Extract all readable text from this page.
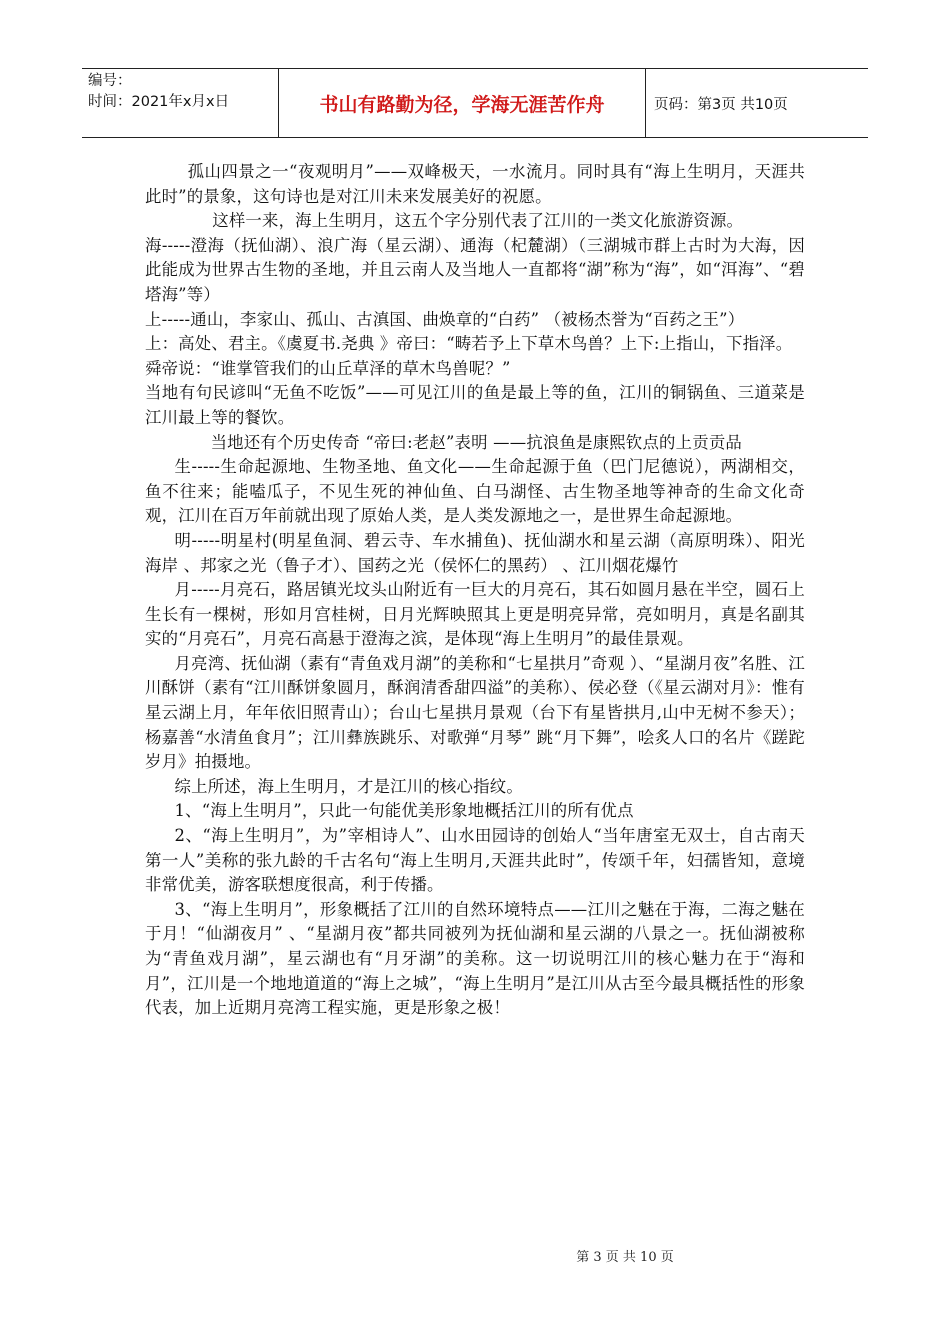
编号：
时间：2021年x月x日	书山有路勤为径，学海无涯苦作舟	页码：第3页 共10页

孤山四景之一“夜观明月”——双峰极天，一水流月。同时具有“海上生明月，天涯共此时”的景象，这句诗也是对江川未来发展美好的祝愿。

这样一来，海上生明月，这五个字分别代表了江川的一类文化旅游资源。

海-----澄海（抚仙湖）、浪广海（星云湖）、通海（杞麓湖）（三湖城市群上古时为大海，因此能成为世界古生物的圣地，并且云南人及当地人一直都将“湖”称为“海”，如“洱海”、“碧塔海”等）

上-----通山，李家山、孤山、古滇国、曲焕章的“白药” （被杨杰誉为“百药之王”）

上：高处、君主。《虞夏书.尧典 》帝曰：“畴若予上下草木鸟兽？上下:上指山，下指泽。

舜帝说：“谁掌管我们的山丘草泽的草木鸟兽呢？”

当地有句民谚叫“无鱼不吃饭”——可见江川的鱼是最上等的鱼，江川的铜锅鱼、三道菜是江川最上等的餐饮。

当地还有个历史传奇 “帝曰:老赵”表明 ——抗浪鱼是康熙钦点的上贡贡品

生-----生命起源地、生物圣地、鱼文化——生命起源于鱼（巴门尼德说），两湖相交，鱼不往来；能嗑瓜子，不见生死的神仙鱼、白马湖怪、古生物圣地等神奇的生命文化奇观，江川在百万年前就出现了原始人类，是人类发源地之一，是世界生命起源地。

明-----明星村(明星鱼洞、碧云寺、车水捕鱼)、抚仙湖水和星云湖（高原明珠）、阳光海岸 、邦家之光（鲁子才）、国药之光（侯怀仁的黑药） 、江川烟花爆竹

月-----月亮石，路居镇光坟头山附近有一巨大的月亮石，其石如圆月悬在半空，圆石上生长有一棵树，形如月宫桂树，日月光辉映照其上更是明亮异常，亮如明月，真是名副其实的“月亮石”，月亮石高悬于澄海之滨，是体现“海上生明月”的最佳景观。

月亮湾、抚仙湖（素有“青鱼戏月湖”的美称和“七星拱月”奇观 ）、“星湖月夜”名胜、江川酥饼（素有“江川酥饼象圆月，酥润清香甜四溢”的美称）、侯必登（《星云湖对月》：惟有星云湖上月，年年依旧照青山）；台山七星拱月景观（台下有星皆拱月,山中无树不参天）；杨嘉善“水清鱼食月”；江川彝族跳乐、对歌弹“月琴” 跳“月下舞”，哙炙人口的名片《蹉跎岁月》拍摄地。

综上所述，海上生明月，才是江川的核心指纹。

1、“海上生明月”，只此一句能优美形象地概括江川的所有优点

2、“海上生明月”，为”宰相诗人”、山水田园诗的创始人“当年唐室无双士，自古南天第一人”美称的张九龄的千古名句“海上生明月,天涯共此时”，传颂千年，妇孺皆知，意境非常优美，游客联想度很高，利于传播。

3、“海上生明月”，形象概括了江川的自然环境特点——江川之魅在于海，二海之魅在于月！“仙湖夜月” 、“星湖月夜”都共同被列为抚仙湖和星云湖的八景之一。抚仙湖被称为“青鱼戏月湖”，星云湖也有“月牙湖”的美称。这一切说明江川的核心魅力在于“海和月”，江川是一个地地道道的“海上之城”，“海上生明月”是江川从古至今最具概括性的形象代表，加上近期月亮湾工程实施，更是形象之极！

第 3 页 共 10 页
